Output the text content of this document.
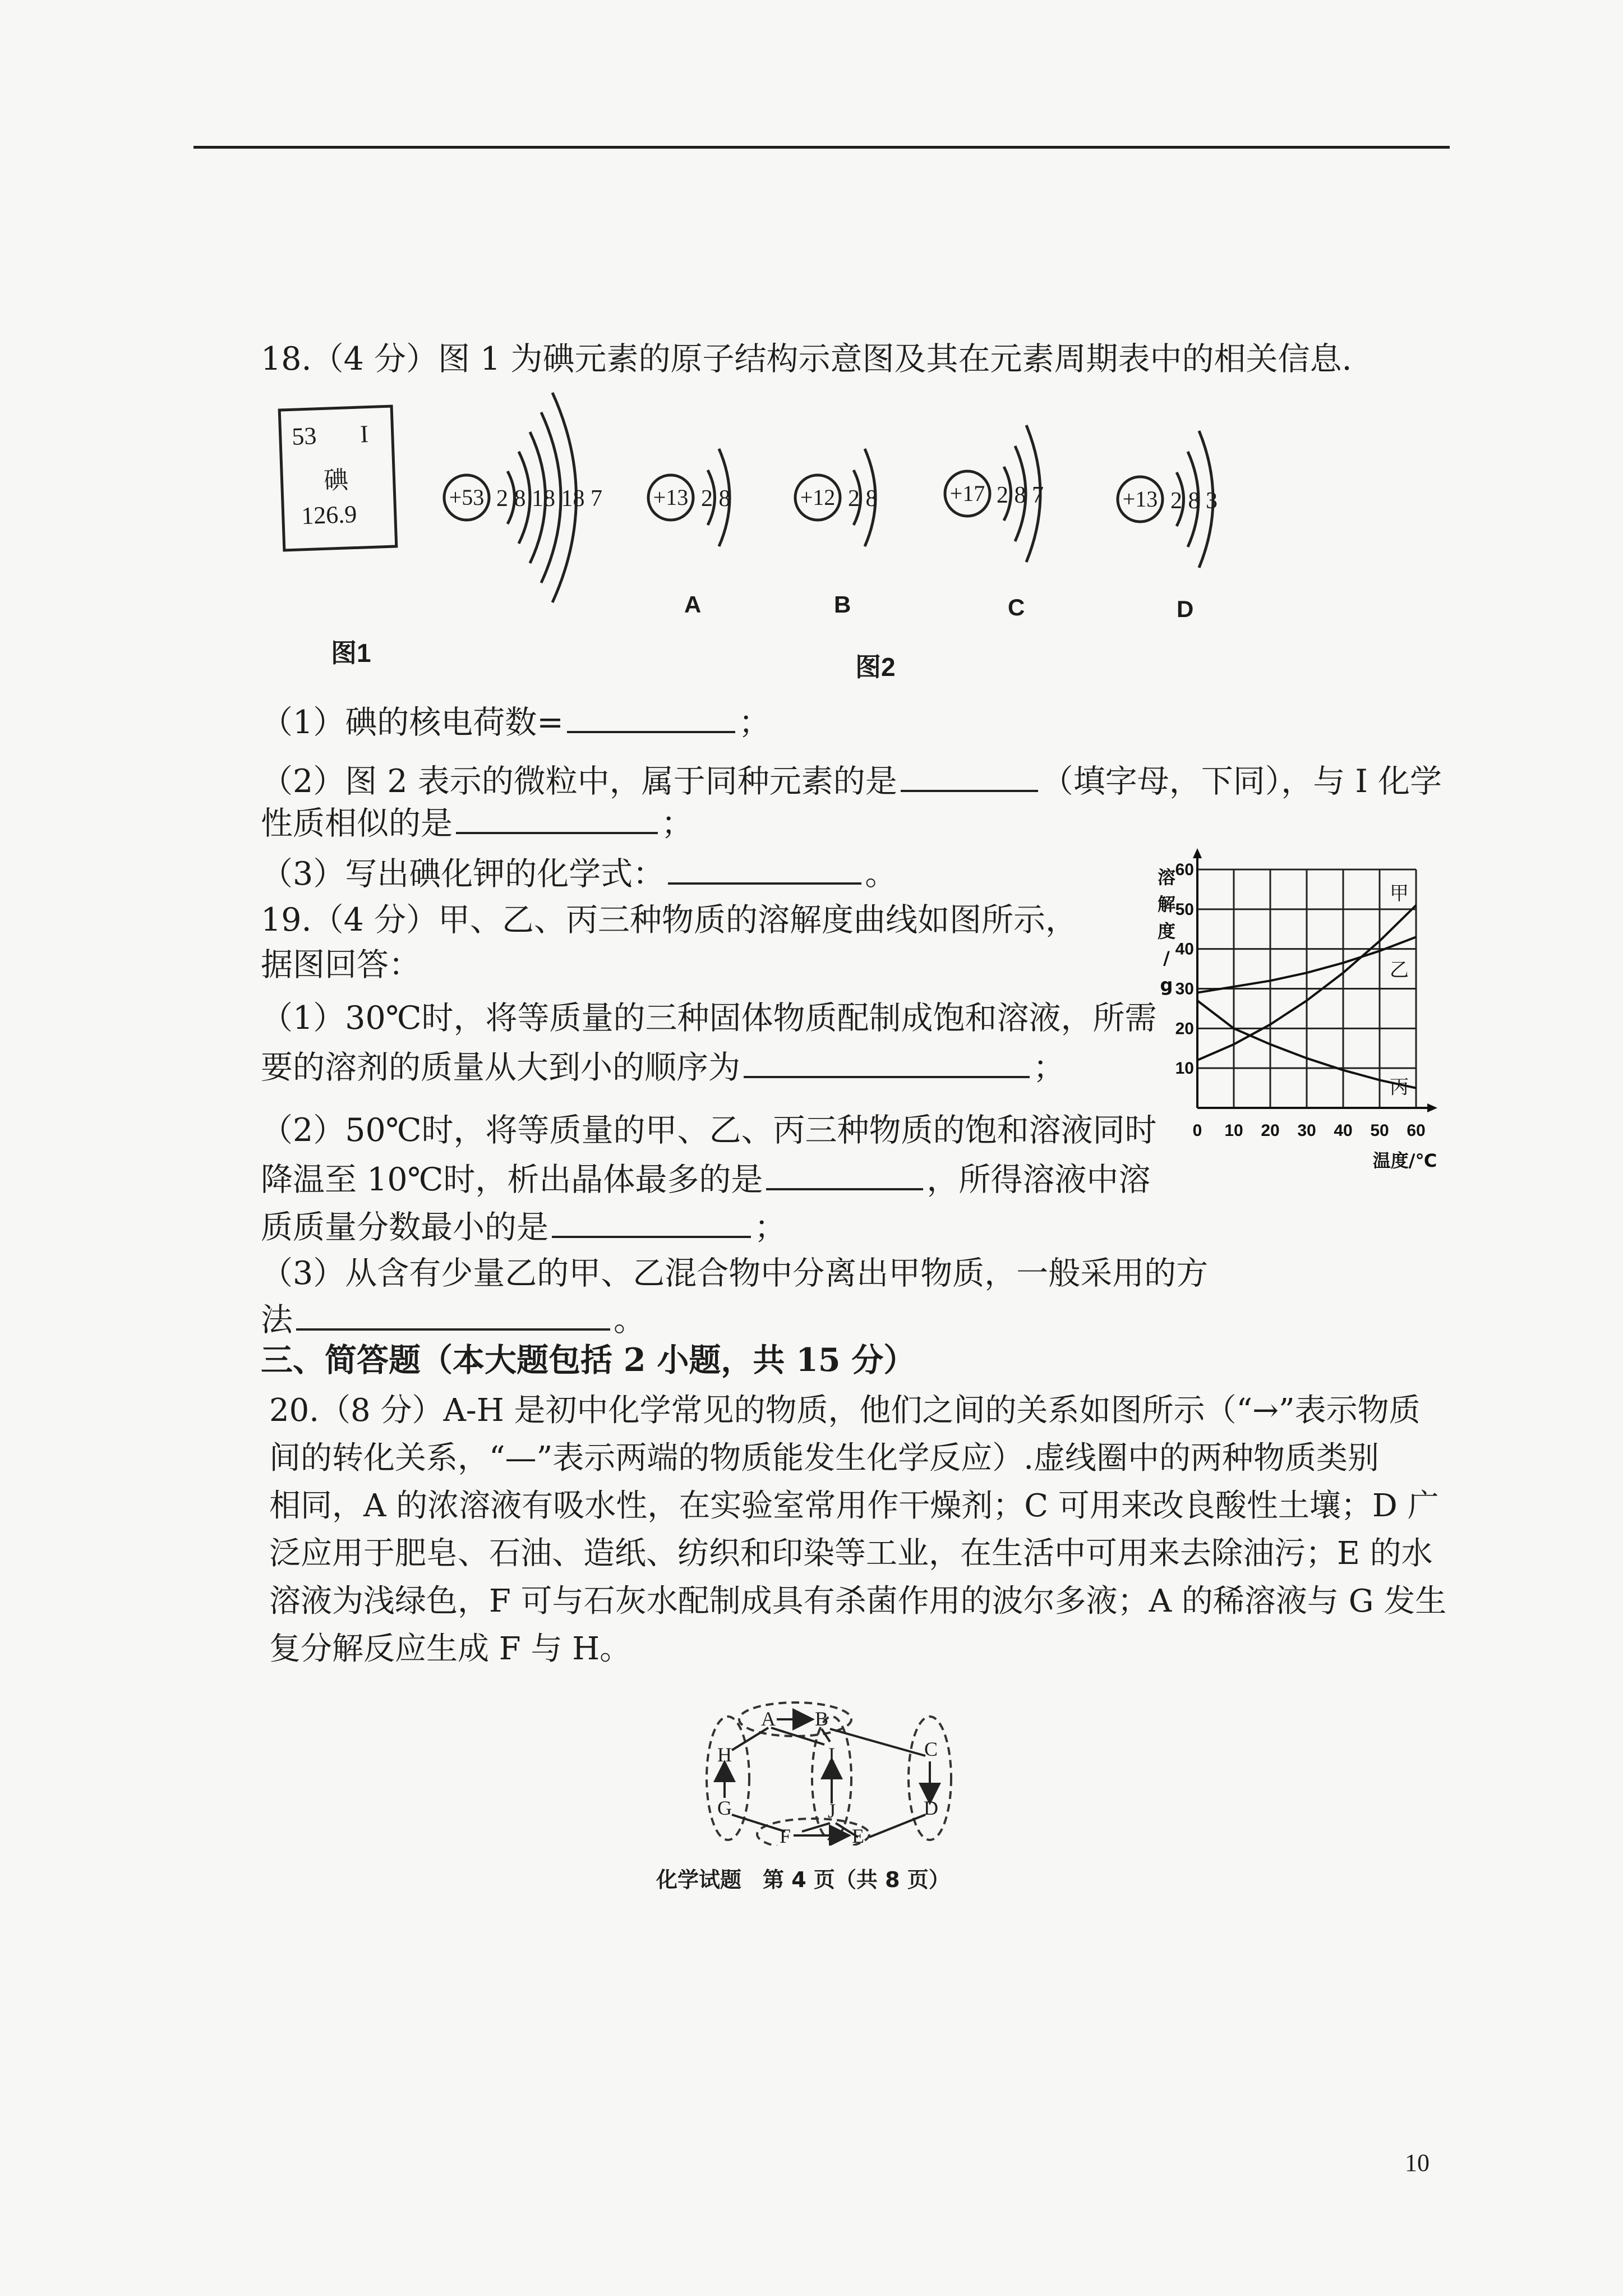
18.（4 分）图 1 为碘元素的原子结构示意图及其在元素周期表中的相关信息.
53 I
碘
126.9
+53 2 8 18 18 7 +13 2 8	+12 2 8	+17 2 8 7	+13 2 8 3
A	B	C	D
图1	图2
（1）碘的核电荷数=	；
（2）图 2 表示的微粒中，属于同种元素的是	（填字母，下同），与 I 化学
性质相似的是	；
（3）写出碘化钾的化学式：	。
19.（4 分）甲、乙、丙三种物质的溶解度曲线如图所示，
据图回答：
（1）30℃时，将等质量的三种固体物质配制成饱和溶液，所需
要的溶剂的质量从大到小的顺序为	；
（2）50℃时，将等质量的甲、乙、丙三种物质的饱和溶液同时
降温至 10℃时，析出晶体最多的是	，所得溶液中溶
质质量分数最小的是	；
（3）从含有少量乙的甲、乙混合物中分离出甲物质，一般采用的方
法	。
0 10 20 30 40 50 60
10
20
30
40
50
60
溶
解
度
/
g
温度/℃
甲
乙
丙
三、简答题（本大题包括 2 小题，共 15 分）
20.（8 分）A-H 是初中化学常见的物质，他们之间的关系如图所示（“→”表示物质
间的转化关系，“—”表示两端的物质能发生化学反应）.虚线圈中的两种物质类别
相同，A 的浓溶液有吸水性，在实验室常用作干燥剂；C 可用来改良酸性土壤；D 广
泛应用于肥皂、石油、造纸、纺织和印染等工业，在生活中可用来去除油污；E 的水
溶液为浅绿色，F 可与石灰水配制成具有杀菌作用的波尔多液；A 的稀溶液与 G 发生
复分解反应生成 F 与 H。
A B
H	I	C
G	J	D
F	E
化学试题　第 4 页（共 8 页）
10
